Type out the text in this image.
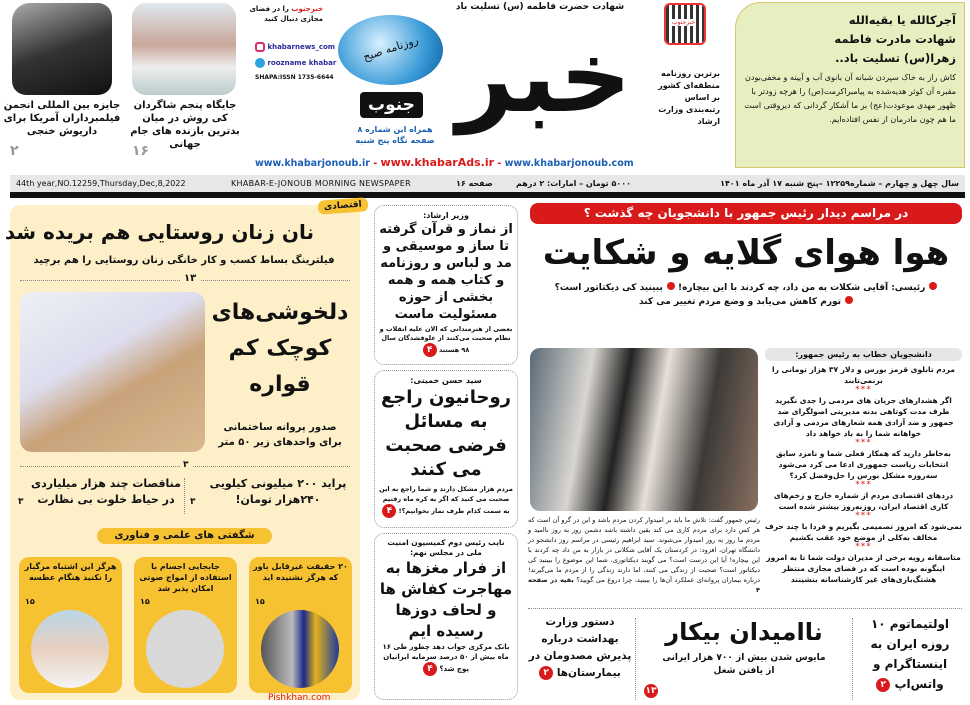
جایزه بین المللی انجمن فیلمبرداران آمریکا برای داریوش خنجی
۲
جایگاه پنجم شاگردان کی روش در میان بدترین بازنده های جام جهانی
۱۶
خبرجنوب را در فضای مجازی دنبال کنید
khabarnews_com
roozname khabar
SHAPA:ISSN 1735-6644
شهادت حضرت فاطمه (س) تسلیت باد
روزنامه صبح خبر
جنوب
همراه این شماره ۸ صفحه نگاه پنج شنبه
خبرجنوب
برترین روزنامه منطقه‌ای کشور بر اساس رتبه‌بندی وزارت ارشاد
www.khabarjonoub.ir - www.khabarAds.ir - www.khabarjonoub.com
آجرکالله یا بقیه‌الله شهادت مادرت فاطمه زهرا(س) تسلیت باد..
کاش راز به خاک سپردن شبانه آن بانوی آب و آیینه و مخفی‌بودن مقبره آن کوثر هدیه‌شده به پیامبراکرمت(ص) را هرچه زودتر با ظهور مهدی موعودت(عج) بر ما آشکار گردانی که دیروقتی است ما هم چون مادرمان از نفس افتاده‌ایم.
44th year,NO.12259,Thursday,Dec,8,2022	KHABAR-E-JONOUB MORNING NEWSPAPER	۱۶ صفحه	۵۰۰۰ تومان – امارات: ۲ درهم	سال چهل و چهارم – شماره۱۲۲۵۹ –پنج شنبه ۱۷ آذر ماه ۱۴۰۱
اقتصادی
نان زنان روستایی هم بریده شد
فیلترینگ بساط کسب و کار خانگی زنان روستایی را هم برچید
۱۳
دلخوشی‌های کوچک کم قواره
صدور پروانه ساختمانی برای واحدهای زیر ۵۰ متر
۳
پراید ۲۰۰ میلیونی کیلویی ۲۴۰هزار تومان!
۳
مناقصات چند هزار میلیاردی در حیاط خلوت بی نظارت
۳
شگفتی های علمی و فناوری
۲۰ حقیقت غیرقابل باور که هرگز نشنیده اید
۱۵
جابجایی اجسام با استفاده از امواج صوتی امکان پذیر شد
۱۵
هرگز این اشتباه مرگبار را نکنید هنگام عطسه
۱۵
Pishkhan.com
وزیر ارشاد:
از نماز و قرآن گرفته تا ساز و موسیقی و مد و لباس و روزنامه و کتاب همه و همه بخشی از حوزه مسئولیت ماست
بعضی از هنرمندانی که الان علیه انقلاب و نظام صحبت می‌کنند از علوفشدگان سال ۹۸ هستند ۴
سید حسن خمینی:
روحانیون راجع به مسائل فرضی صحبت می کنند
مردم هزار مشکل دارند و شما راجع به این صحبت می کنید که اگر به کره ماه رفتیم به سمت کدام طرف نماز بخوانیم؟! ۴
نایب رئیس دوم کمیسیون امنیت ملی در مجلس نهم:
از فرار مغزها به مهاجرت کفاش ها و لحاف دوزها رسیده ایم
بانک مرکزی جواب دهد چطور طی ۱۶ ماه بیش از ۵۰ درصد سرمایه ایرانیان پوچ شد؟ ۴
در مراسم دیدار رئیس جمهور با دانشجویان چه گذشت ؟
هوا هوای گلایه و شکایت
رئیسی: آقایی شکلات به من داد، چه کردند با این بیچاره! ببینید کی دیکتاتور است؟
تورم کاهش می‌یابد و وضع مردم تغییر می کند
رئیس جمهور گفت: تلاش ما باید بر امیدوار کردن مردم باشد و این در گرو آن است که هر کس دارد برای مردم کاری می کند یقین داشته باشد دشمن روز به روز ناامید و مردم ما روز به روز امیدوار می‌شوند. سید ابراهیم رئیسی در مراسم روز دانشجو در دانشگاه تهران، افزود: در کردستان یک آقایی شکلاتی در بازار به من داد چه کردند با این بیچاره! آیا این درست است؟ می گویند دیکتاتوری، شما این موضوع را ببینید کی دیکتاتور است؟ صحبت از زندگی می کنند، اما دارند زندگی را از مردم ما می‌گیرند! درباره بیماران پروانه‌ای عملکرد آن‌ها را ببینید، چرا دروغ می گویید؟ بقیه در صفحه ۴
دانشجویان خطاب به رئیس جمهور:
مردم تابلوی قرمز بورس و دلار ۳۷ هزار تومانی را برنمی‌تابند
***
اگر هشدارهای جریان های مردمی را جدی نگیرید ظرف مدت کوتاهی بدنه مدیریتی اصولگرای ضد جمهور و ضد آزادی همه شعارهای مردمی و آزادی خواهانه شما را به باد خواهد داد
***
به‌خاطر دارید که همکار فعلی شما و نامزد سابق انتخابات ریاست جمهوری ادعا می کرد می‌شود سه‌روزه مشکل بورس را حل‌وفصل کرد؟
***
دردهای اقتصادی مردم از شماره خارج و زخم‌های کاری اقتصاد ایران، روزبه‌روز بیشتر شده است
***
نمی‌شود که امروز تصمیمی بگیریم و فردا با چند حرف مخالف به‌کلی از موضع خود عقب بکشیم
***
متاسفانه رویه برخی از مدیران دولت شما تا به امروز اینگونه بوده است که در فضای مجازی منتظر هشتگ‌بازی‌های غیر کارشناسانه بنشینند
اولتیماتوم ۱۰ روزه ایران به اینستاگرام و واتس‌اپ ۲
ناامیدان بیکار
مایوس شدن بیش از ۷۰۰ هزار ایرانی از یافتن شغل
۱۳
دستور وزارت بهداشت درباره پذیرش مصدومان در بیمارستان‌ها ۲
